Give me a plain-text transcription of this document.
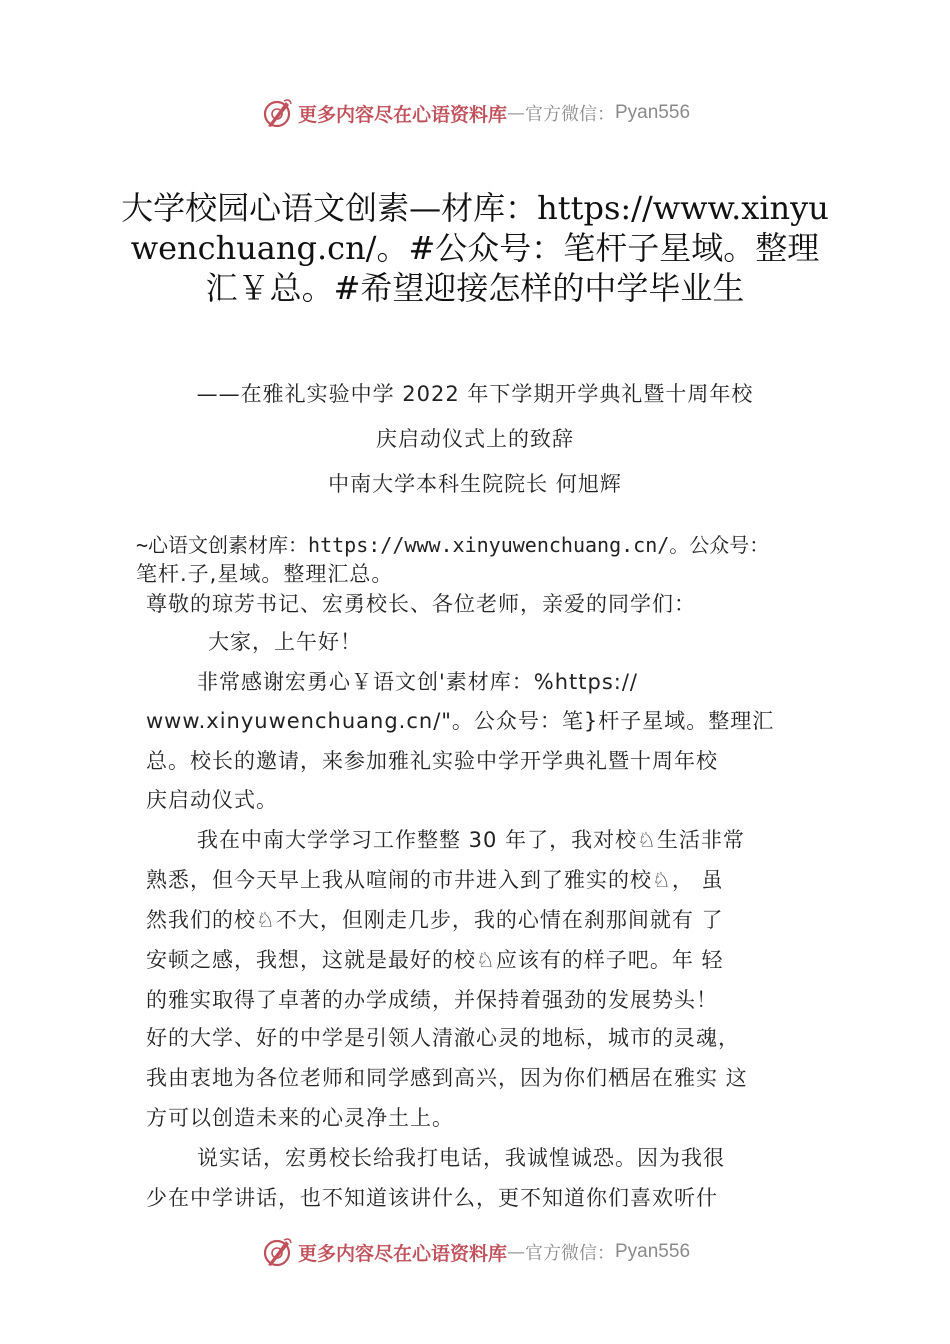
更多内容尽在心语资料库 — 官方微信： Pyan556
大学校园心语文创素—材库：https://www.xinyuwenchuang.cn/。#公众号：笔杆子星域。整理汇￥总。#希望迎接怎样的中学毕业生
——在雅礼实验中学 2022 年下学期开学典礼暨十周年校
庆启动仪式上的致辞
中南大学本科生院院长 何旭辉
~心语文创素材库：https://www.xinyuwenchuang.cn/。公众号：
笔杆.子,星域。整理汇总。
尊敬的琼芳书记、宏勇校长、各位老师，亲爱的同学们：
大家，上午好！
非常感谢宏勇心￥语文创'素材库：%https://
www.xinyuwenchuang.cn/"。公众号：笔}杆子星域。整理汇
总。校长的邀请，来参加雅礼实验中学开学典礼暨十周年校
庆启动仪式。
我在中南大学学习工作整整 30 年了，我对校♘生活非常
熟悉，但今天早上我从喧闹的市井进入到了雅实的校♘， 虽
然我们的校♘不大，但刚走几步，我的心情在刹那间就有 了
安顿之感，我想，这就是最好的校♘应该有的样子吧。年 轻
的雅实取得了卓著的办学成绩，并保持着强劲的发展势头！
好的大学、好的中学是引领人清澈心灵的地标，城市的灵魂，
我由衷地为各位老师和同学感到高兴，因为你们栖居在雅实 这
方可以创造未来的心灵净土上。
说实话，宏勇校长给我打电话，我诚惶诚恐。因为我很
少在中学讲话，也不知道该讲什么，更不知道你们喜欢听什
更多内容尽在心语资料库 — 官方微信： Pyan556
